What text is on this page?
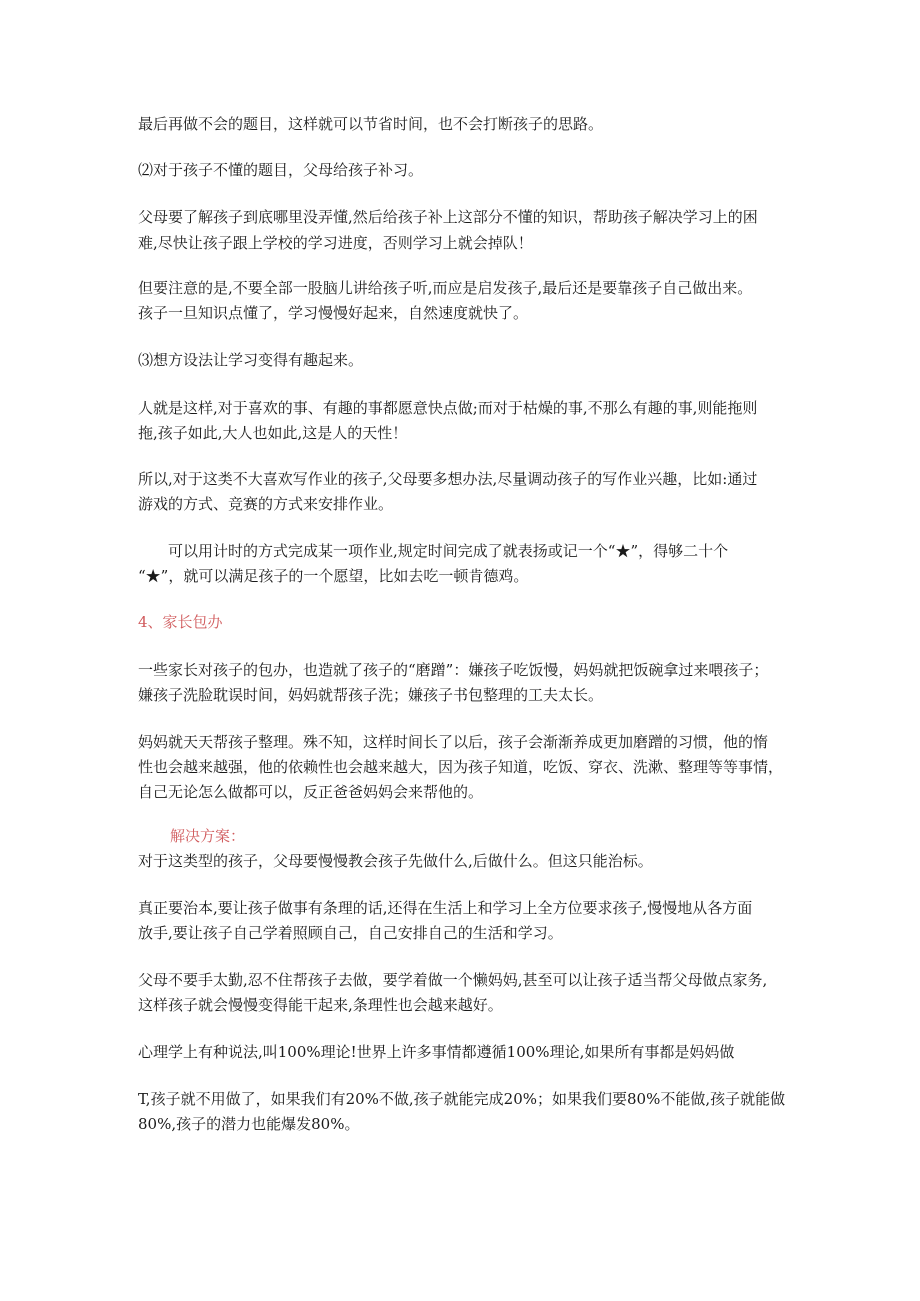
最后再做不会的题目，这样就可以节省时间，也不会打断孩子的思路。
⑵对于孩子不懂的题目，父母给孩子补习。
父母要了解孩子到底哪里没弄懂,然后给孩子补上这部分不懂的知识，帮助孩子解决学习上的困
难,尽快让孩子跟上学校的学习进度，否则学习上就会掉队！
但要注意的是,不要全部一股脑儿讲给孩子听,而应是启发孩子,最后还是要靠孩子自己做出来。
孩子一旦知识点懂了，学习慢慢好起来，自然速度就快了。
⑶想方设法让学习变得有趣起来。
人就是这样,对于喜欢的事、有趣的事都愿意快点做;而对于枯燥的事,不那么有趣的事,则能拖则
拖,孩子如此,大人也如此,这是人的天性！
所以,对于这类不大喜欢写作业的孩子,父母要多想办法,尽量调动孩子的写作业兴趣，比如:通过
游戏的方式、竞赛的方式来安排作业。
可以用计时的方式完成某一项作业,规定时间完成了就表扬或记一个“★”，得够二十个
“★”，就可以满足孩子的一个愿望，比如去吃一顿肯德鸡。
4、家长包办
一些家长对孩子的包办，也造就了孩子的“磨蹭”：嫌孩子吃饭慢，妈妈就把饭碗拿过来喂孩子；
嫌孩子洗脸耽误时间，妈妈就帮孩子洗；嫌孩子书包整理的工夫太长。
妈妈就天天帮孩子整理。殊不知，这样时间长了以后，孩子会渐渐养成更加磨蹭的习惯，他的惰
性也会越来越强，他的依赖性也会越来越大，因为孩子知道，吃饭、穿衣、洗漱、整理等等事情，
自己无论怎么做都可以，反正爸爸妈妈会来帮他的。
解决方案：
对于这类型的孩子，父母要慢慢教会孩子先做什么,后做什么。但这只能治标。
真正要治本,要让孩子做事有条理的话,还得在生活上和学习上全方位要求孩子,慢慢地从各方面
放手,要让孩子自己学着照顾自己，自己安排自己的生活和学习。
父母不要手太勤,忍不住帮孩子去做，要学着做一个懒妈妈,甚至可以让孩子适当帮父母做点家务,
这样孩子就会慢慢变得能干起来,条理性也会越来越好。
心理学上有种说法,叫100%理论!世界上许多事情都遵循100%理论,如果所有事都是妈妈做
T,孩子就不用做了，如果我们有20%不做,孩子就能完成20%；如果我们要80%不能做,孩子就能做
80%,孩子的潜力也能爆发80%。
